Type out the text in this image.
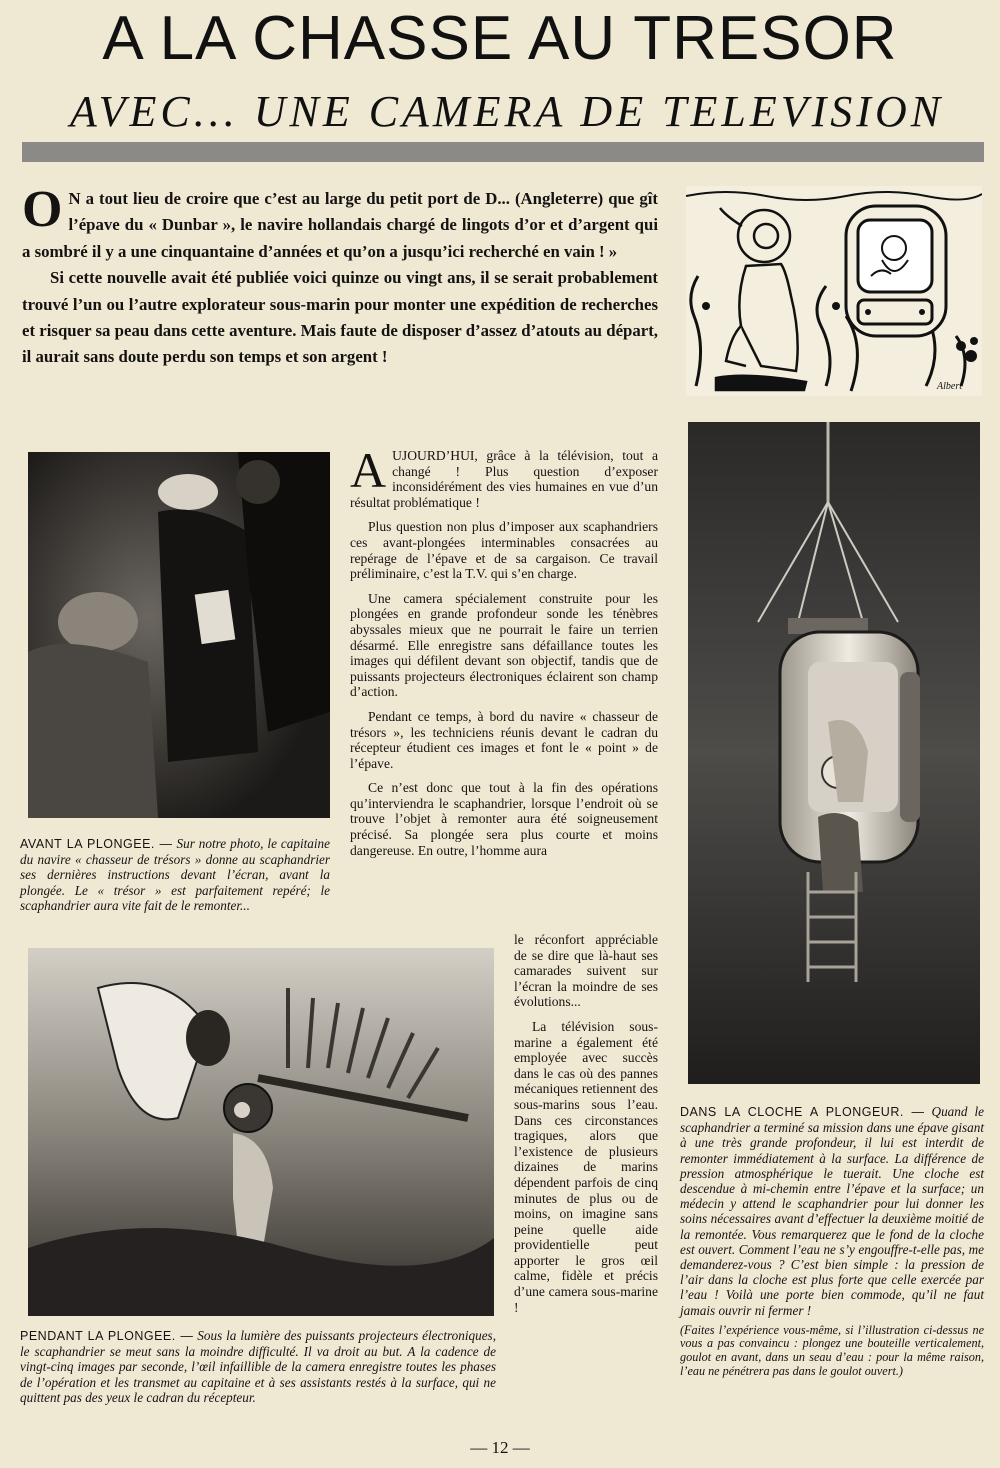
A LA CHASSE AU TRESOR
AVEC... UNE CAMERA DE TELEVISION

O N a tout lieu de croire que c’est au large du petit port de D... (Angleterre) que gît l’épave du « Dunbar », le navire hollandais chargé de lingots d’or et d’argent qui a sombré il y a une cinquantaine d’années et qu’on a jusqu’ici recherché en vain ! »

Si cette nouvelle avait été publiée voici quinze ou vingt ans, il se serait probablement trouvé l’un ou l’autre explorateur sous-marin pour monter une expédition de recherches et risquer sa peau dans cette aventure. Mais faute de disposer d’assez d’atouts au départ, il aurait sans doute perdu son temps et son argent !

Albert
AVANT LA PLONGEE. — Sur notre photo, le capitaine du navire « chasseur de trésors » donne au scaphandrier ses dernières instructions devant l’écran, avant la plongée. Le « trésor » est parfaitement repéré; le scaphandrier aura vite fait de le remonter...

AUJOURD’HUI, grâce à la télévision, tout a changé ! Plus question d’exposer inconsidérément des vies humaines en vue d’un résultat problématique !

Plus question non plus d’imposer aux scaphandriers ces avant-plongées interminables consacrées au repérage de l’épave et de sa cargaison. Ce travail préliminaire, c’est la T.V. qui s’en charge.

Une camera spécialement construite pour les plongées en grande profondeur sonde les ténèbres abyssales mieux que ne pourrait le faire un terrien désarmé. Elle enregistre sans défaillance toutes les images qui défilent devant son objectif, tandis que de puissants projecteurs électroniques éclairent son champ d’action.

Pendant ce temps, à bord du navire « chasseur de trésors », les techniciens réunis devant le cadran du récepteur étudient ces images et font le « point » de l’épave.

Ce n’est donc que tout à la fin des opérations qu’interviendra le scaphandrier, lorsque l’endroit où se trouve l’objet à remonter aura été soigneusement précisé. Sa plongée sera plus courte et moins dangereuse. En outre, l’homme aura

le réconfort appréciable de se dire que là-haut ses camarades suivent sur l’écran la moindre de ses évolutions...

La télévision sous-marine a également été employée avec succès dans le cas où des pannes mécaniques retiennent des sous-marins sous l’eau. Dans ces circonstances tragiques, alors que l’existence de plusieurs dizaines de marins dépendent parfois de cinq minutes de plus ou de moins, on imagine sans peine quelle aide providentielle peut apporter le gros œil calme, fidèle et précis d’une camera sous-marine !

PENDANT LA PLONGEE. — Sous la lumière des puissants projecteurs électroniques, le scaphandrier se meut sans la moindre difficulté. Il va droit au but. A la cadence de vingt-cinq images par seconde, l’œil infaillible de la camera enregistre toutes les phases de l’opération et les transmet au capitaine et à ses assistants restés à la surface, qui ne quittent pas des yeux le cadran du récepteur.
DANS LA CLOCHE A PLONGEUR. — Quand le scaphandrier a terminé sa mission dans une épave gisant à une très grande profondeur, il lui est interdit de remonter immédiatement à la surface. La différence de pression atmosphérique le tuerait. Une cloche est descendue à mi-chemin entre l’épave et la surface; un médecin y attend le scaphandrier pour lui donner les soins nécessaires avant d’effectuer la deuxième moitié de la remontée. Vous remarquerez que le fond de la cloche est ouvert. Comment l’eau ne s’y engouffre-t-elle pas, me demanderez-vous ? C’est bien simple : la pression de l’air dans la cloche est plus forte que celle exercée par l’eau ! Voilà une porte bien commode, qu’il ne faut jamais ouvrir ni fermer !
(Faites l’expérience vous-même, si l’illustration ci-dessus ne vous a pas convaincu : plongez une bouteille verticalement, goulot en avant, dans un seau d’eau : pour la même raison, l’eau ne pénétrera pas dans le goulot ouvert.)
— 12 —
